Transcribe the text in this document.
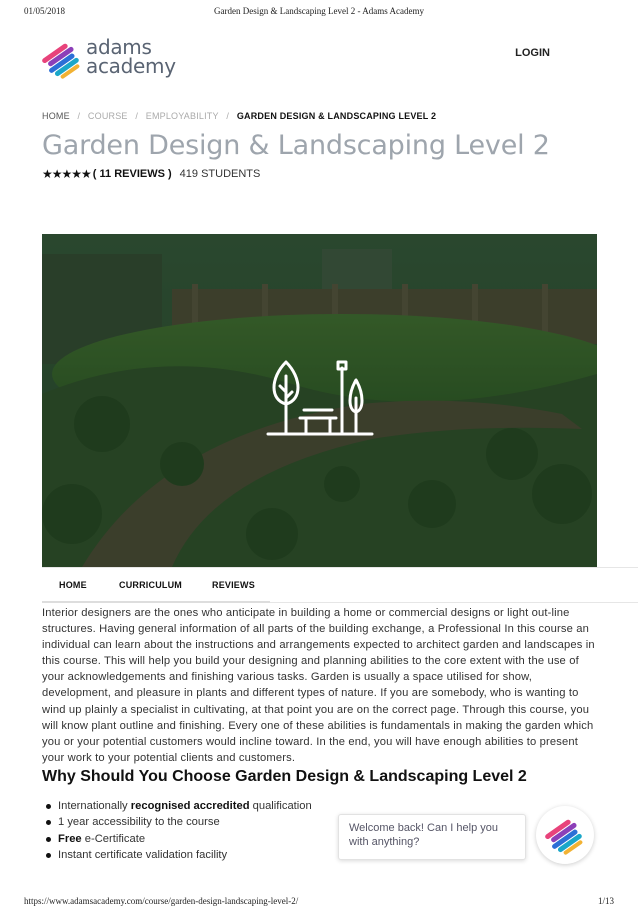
01/05/2018	Garden Design & Landscaping Level 2 - Adams Academy
adams
academy
LOGIN
HOME / COURSE / EMPLOYABILITY / GARDEN DESIGN & LANDSCAPING LEVEL 2
Garden Design & Landscaping Level 2
★★★★★ ( 11 REVIEWS ) 419 STUDENTS
HOME	CURRICULUM	REVIEWS

Interior designers are the ones who anticipate in building a home or commercial designs or light out-line structures. Having general information of all parts of the building exchange, a Professional In this course an individual can learn about the instructions and arrangements expected to architect garden and landscapes in this course. This will help you build your designing and planning abilities to the core extent with the use of your acknowledgements and finishing various tasks. Garden is usually a space utilised for show, development, and pleasure in plants and different types of nature. If you are somebody, who is wanting to wind up plainly a specialist in cultivating, at that point you are on the correct page. Through this course, you will know plant outline and finishing. Every one of these abilities is fundamentals in making the garden which you or your potential customers would incline toward. In the end, you will have enough abilities to present your work to your potential clients and customers.

Why Should You Choose Garden Design & Landscaping Level 2
Internationally recognised accredited qualification
1 year accessibility to the course
Free e-Certificate
Instant certificate validation facility
Welcome back! Can I help you with anything?
https://www.adamsacademy.com/course/garden-design-landscaping-level-2/	1/13
